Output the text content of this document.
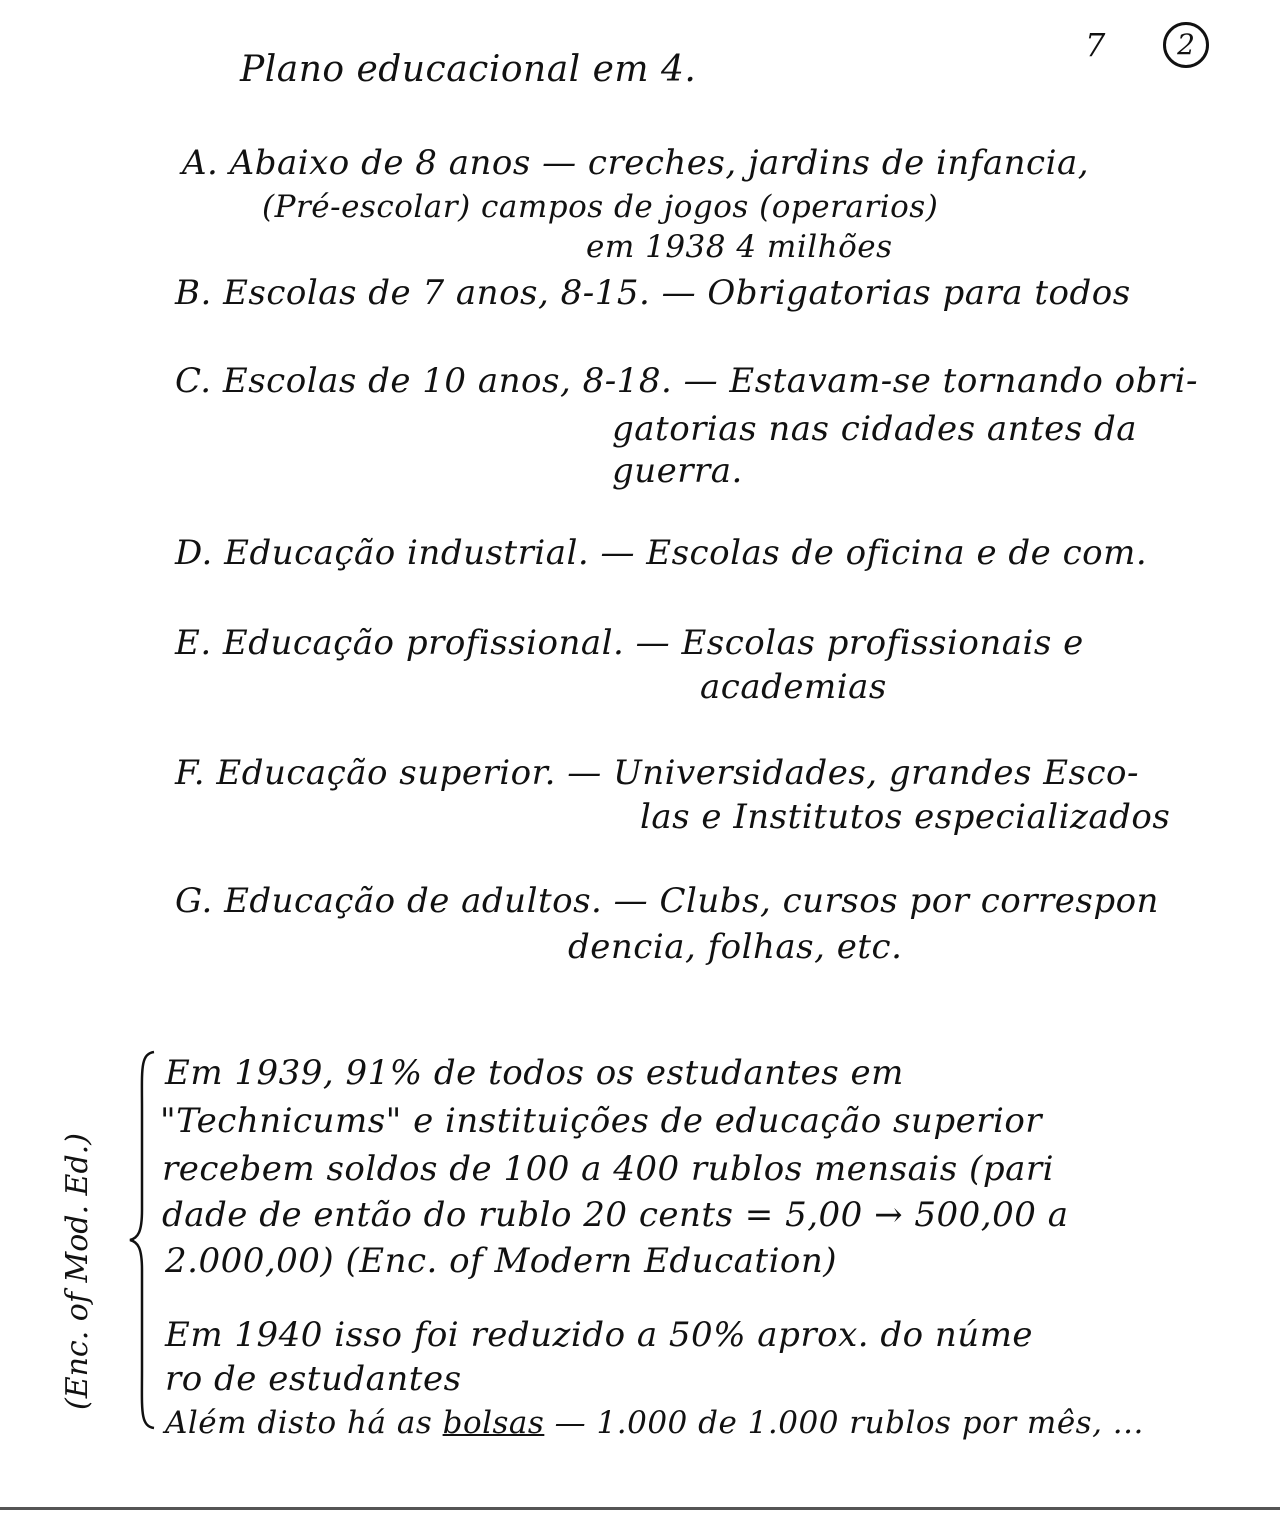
Plano educacional em 4.
7	2
A. Abaixo de 8 anos — creches, jardins de infancia,
(Pré-escolar) campos de jogos (operarios)
em 1938 4 milhões
B. Escolas de 7 anos, 8-15. — Obrigatorias para todos
C. Escolas de 10 anos, 8-18. — Estavam-se tornando obri-
gatorias nas cidades antes da
guerra.
D. Educação industrial. — Escolas de oficina e de com.
E. Educação profissional. — Escolas profissionais e
academias
F. Educação superior. — Universidades, grandes Esco-
las e Institutos especializados
G. Educação de adultos. — Clubs, cursos por correspon
dencia, folhas, etc.
(Enc. of Mod. Ed.)
Em 1939, 91% de todos os estudantes em
"Technicums" e instituições de educação superior
recebem soldos de 100 a 400 rublos mensais (pari
dade de então do rublo 20 cents = 5,00 → 500,00 a
2.000,00) (Enc. of Modern Education)
Em 1940 isso foi reduzido a 50% aprox. do núme
ro de estudantes
Além disto há as bolsas — 1.000 de 1.000 rublos por mês, ...
